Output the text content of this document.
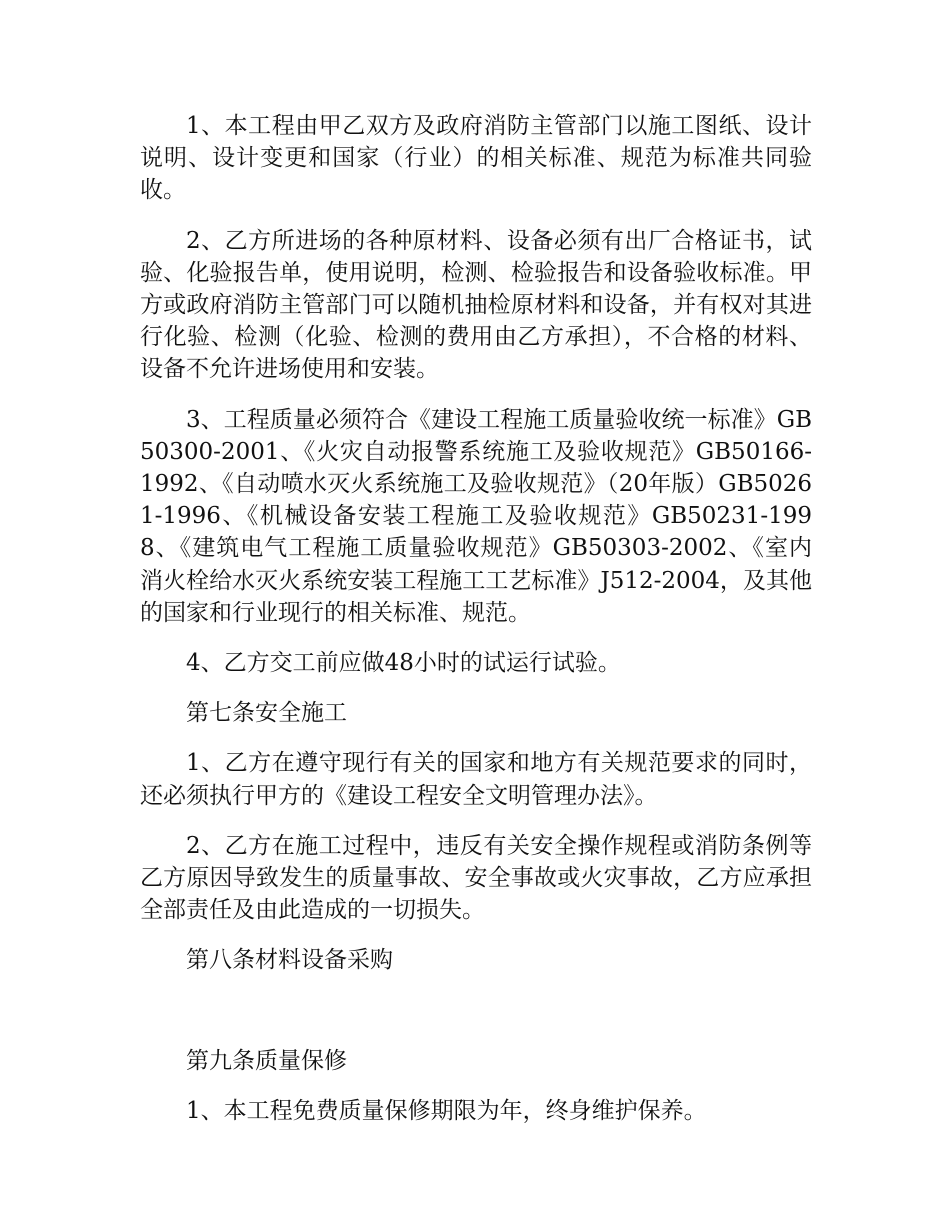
1、本工程由甲乙双方及政府消防主管部门以施工图纸、设计说明、设计变更和国家（行业）的相关标准、规范为标准共同验收。

2、乙方所进场的各种原材料、设备必须有出厂合格证书，试验、化验报告单，使用说明，检测、检验报告和设备验收标准。甲方或政府消防主管部门可以随机抽检原材料和设备，并有权对其进行化验、检测（化验、检测的费用由乙方承担），不合格的材料、设备不允许进场使用和安装。

3、工程质量必须符合《建设工程施工质量验收统一标准》GB50300-2001、《火灾自动报警系统施工及验收规范》GB50166-1992、《自动喷水灭火系统施工及验收规范》（20年版）GB50261-1996、《机械设备安装工程施工及验收规范》GB50231-1998、《建筑电气工程施工质量验收规范》GB50303-2002、《室内消火栓给水灭火系统安装工程施工工艺标准》J512-2004，及其他的国家和行业现行的相关标准、规范。

4、乙方交工前应做48小时的试运行试验。

第七条安全施工

1、乙方在遵守现行有关的国家和地方有关规范要求的同时，还必须执行甲方的《建设工程安全文明管理办法》。

2、乙方在施工过程中，违反有关安全操作规程或消防条例等乙方原因导致发生的质量事故、安全事故或火灾事故，乙方应承担全部责任及由此造成的一切损失。

第八条材料设备采购

第九条质量保修

1、本工程免费质量保修期限为年，终身维护保养。
